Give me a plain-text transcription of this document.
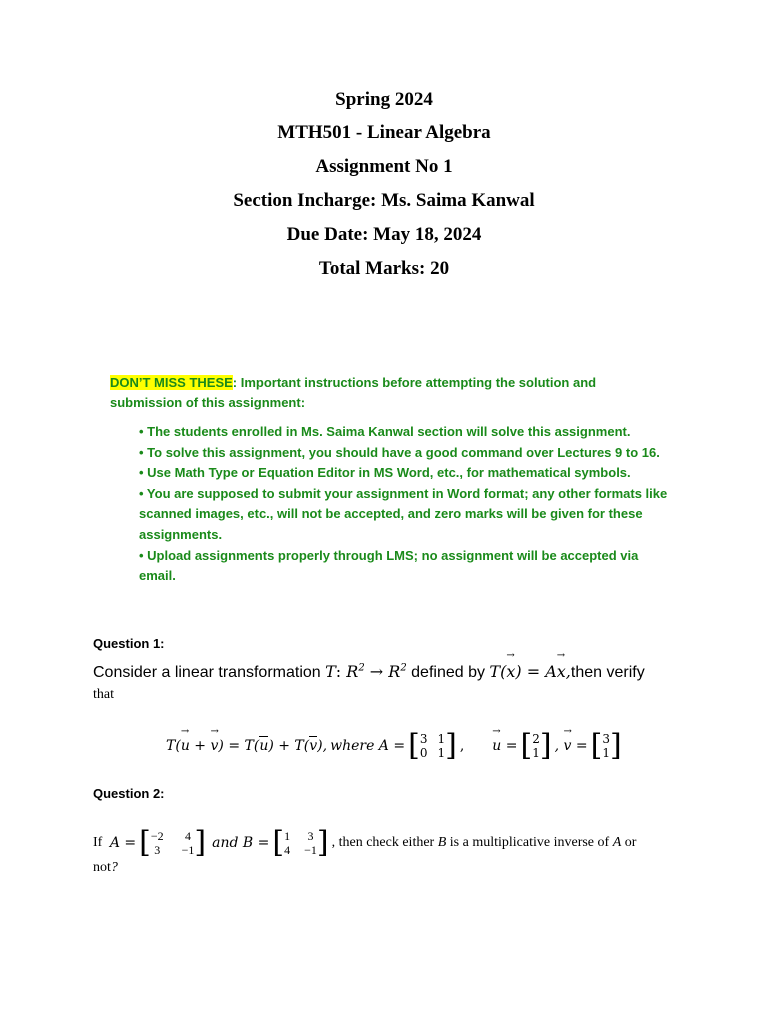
Spring 2024
MTH501 - Linear Algebra
Assignment No 1
Section Incharge: Ms. Saima Kanwal
Due Date: May 18, 2024
Total Marks: 20
DON’T MISS THESE: Important instructions before attempting the solution and submission of this assignment:
• The students enrolled in Ms. Saima Kanwal section will solve this assignment.
• To solve this assignment, you should have a good command over Lectures 9 to 16.
• Use Math Type or Equation Editor in MS Word, etc., for mathematical symbols.
• You are supposed to submit your assignment in Word format; any other formats like scanned images, etc., will not be accepted, and zero marks will be given for these assignments.
• Upload assignments properly through LMS; no assignment will be accepted via email.
Question 1:
Consider a linear transformation T: $R^2 \to R^2$ defined by T(→ x) = A→ x,then verify
that
T(→ u + → v) = T(u) + T(v), where A = [ 3 1
0 1 ] ,
→ u = [ 2
1 ] , → v = [ 3
1 ]
Question 2:
If A = [ −2 4
3 −1 ] and B = [ 1 3
4 −1 ] , then check either B is a multiplicative inverse of A or
not?
